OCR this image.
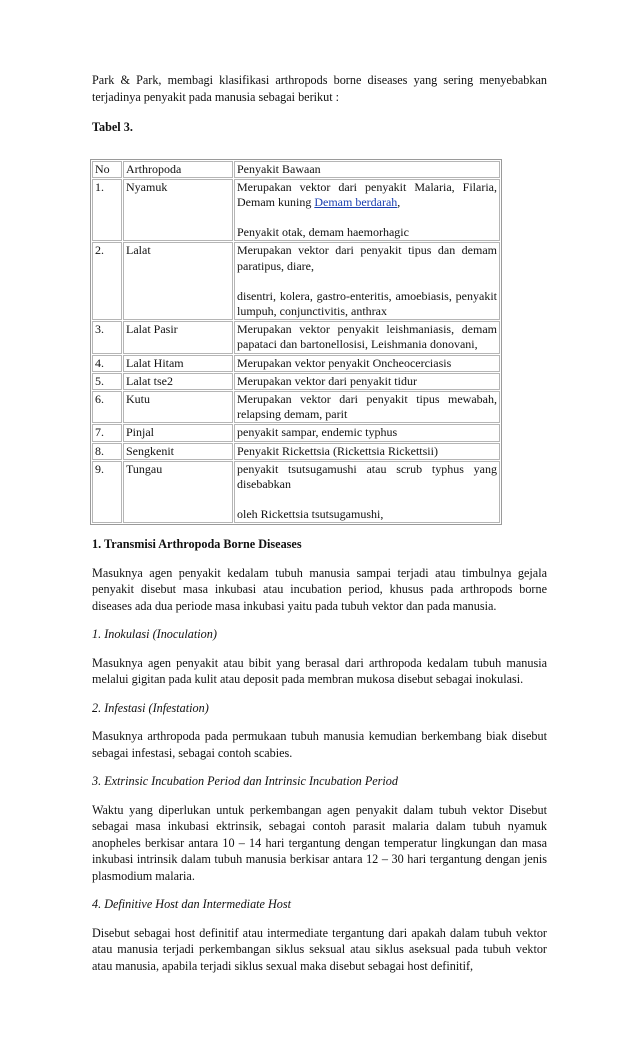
Park & Park, membagi klasifikasi arthropods borne diseases yang sering menyebabkan terjadinya penyakit pada manusia sebagai berikut :

Tabel 3.

No	Arthropoda	Penyakit Bawaan
1.	Nyamuk	Merupakan vektor dari penyakit Malaria, Filaria, Demam kuning Demam berdarah,
Penyakit otak, demam haemorhagic

2.	Lalat	Merupakan vektor dari penyakit tipus dan demam paratipus, diare,
disentri, kolera, gastro-enteritis, amoebiasis, penyakit lumpuh, conjunctivitis, anthrax

3.	Lalat Pasir	Merupakan vektor penyakit leishmaniasis, demam papataci dan bartonellosisi, Leishmania donovani,
4.	Lalat Hitam	Merupakan vektor penyakit Oncheocerciasis
5.	Lalat tse2	Merupakan vektor dari penyakit tidur
6.	Kutu	Merupakan vektor dari penyakit tipus mewabah, relapsing demam, parit
7.	Pinjal	penyakit sampar, endemic typhus
8.	Sengkenit	Penyakit Rickettsia (Rickettsia Rickettsii)
9.	Tungau	penyakit tsutsugamushi atau scrub typhus yang disebabkan
oleh Rickettsia tsutsugamushi,

1. Transmisi Arthropoda Borne Diseases

Masuknya agen penyakit kedalam tubuh manusia sampai terjadi atau timbulnya gejala penyakit disebut masa inkubasi atau incubation period, khusus pada arthropods borne diseases ada dua periode masa inkubasi yaitu pada tubuh vektor dan pada manusia.

1. Inokulasi (Inoculation)

Masuknya agen penyakit atau bibit yang berasal dari arthropoda kedalam tubuh manusia melalui gigitan pada kulit atau deposit pada membran mukosa disebut sebagai inokulasi.

2. Infestasi (Infestation)

Masuknya arthropoda pada permukaan tubuh manusia kemudian berkembang biak disebut sebagai infestasi, sebagai contoh scabies.

3. Extrinsic Incubation Period dan Intrinsic Incubation Period

Waktu yang diperlukan untuk perkembangan agen penyakit dalam tubuh vektor Disebut sebagai masa inkubasi ektrinsik, sebagai contoh parasit malaria dalam tubuh nyamuk anopheles berkisar antara 10 – 14 hari tergantung dengan temperatur lingkungan dan masa inkubasi intrinsik dalam tubuh manusia berkisar antara 12 – 30 hari tergantung dengan jenis plasmodium malaria.

4. Definitive Host dan Intermediate Host

Disebut sebagai host definitif atau intermediate tergantung dari apakah dalam tubuh vektor atau manusia terjadi perkembangan siklus seksual atau siklus aseksual pada tubuh vektor atau manusia, apabila terjadi siklus sexual maka disebut sebagai host definitif,
